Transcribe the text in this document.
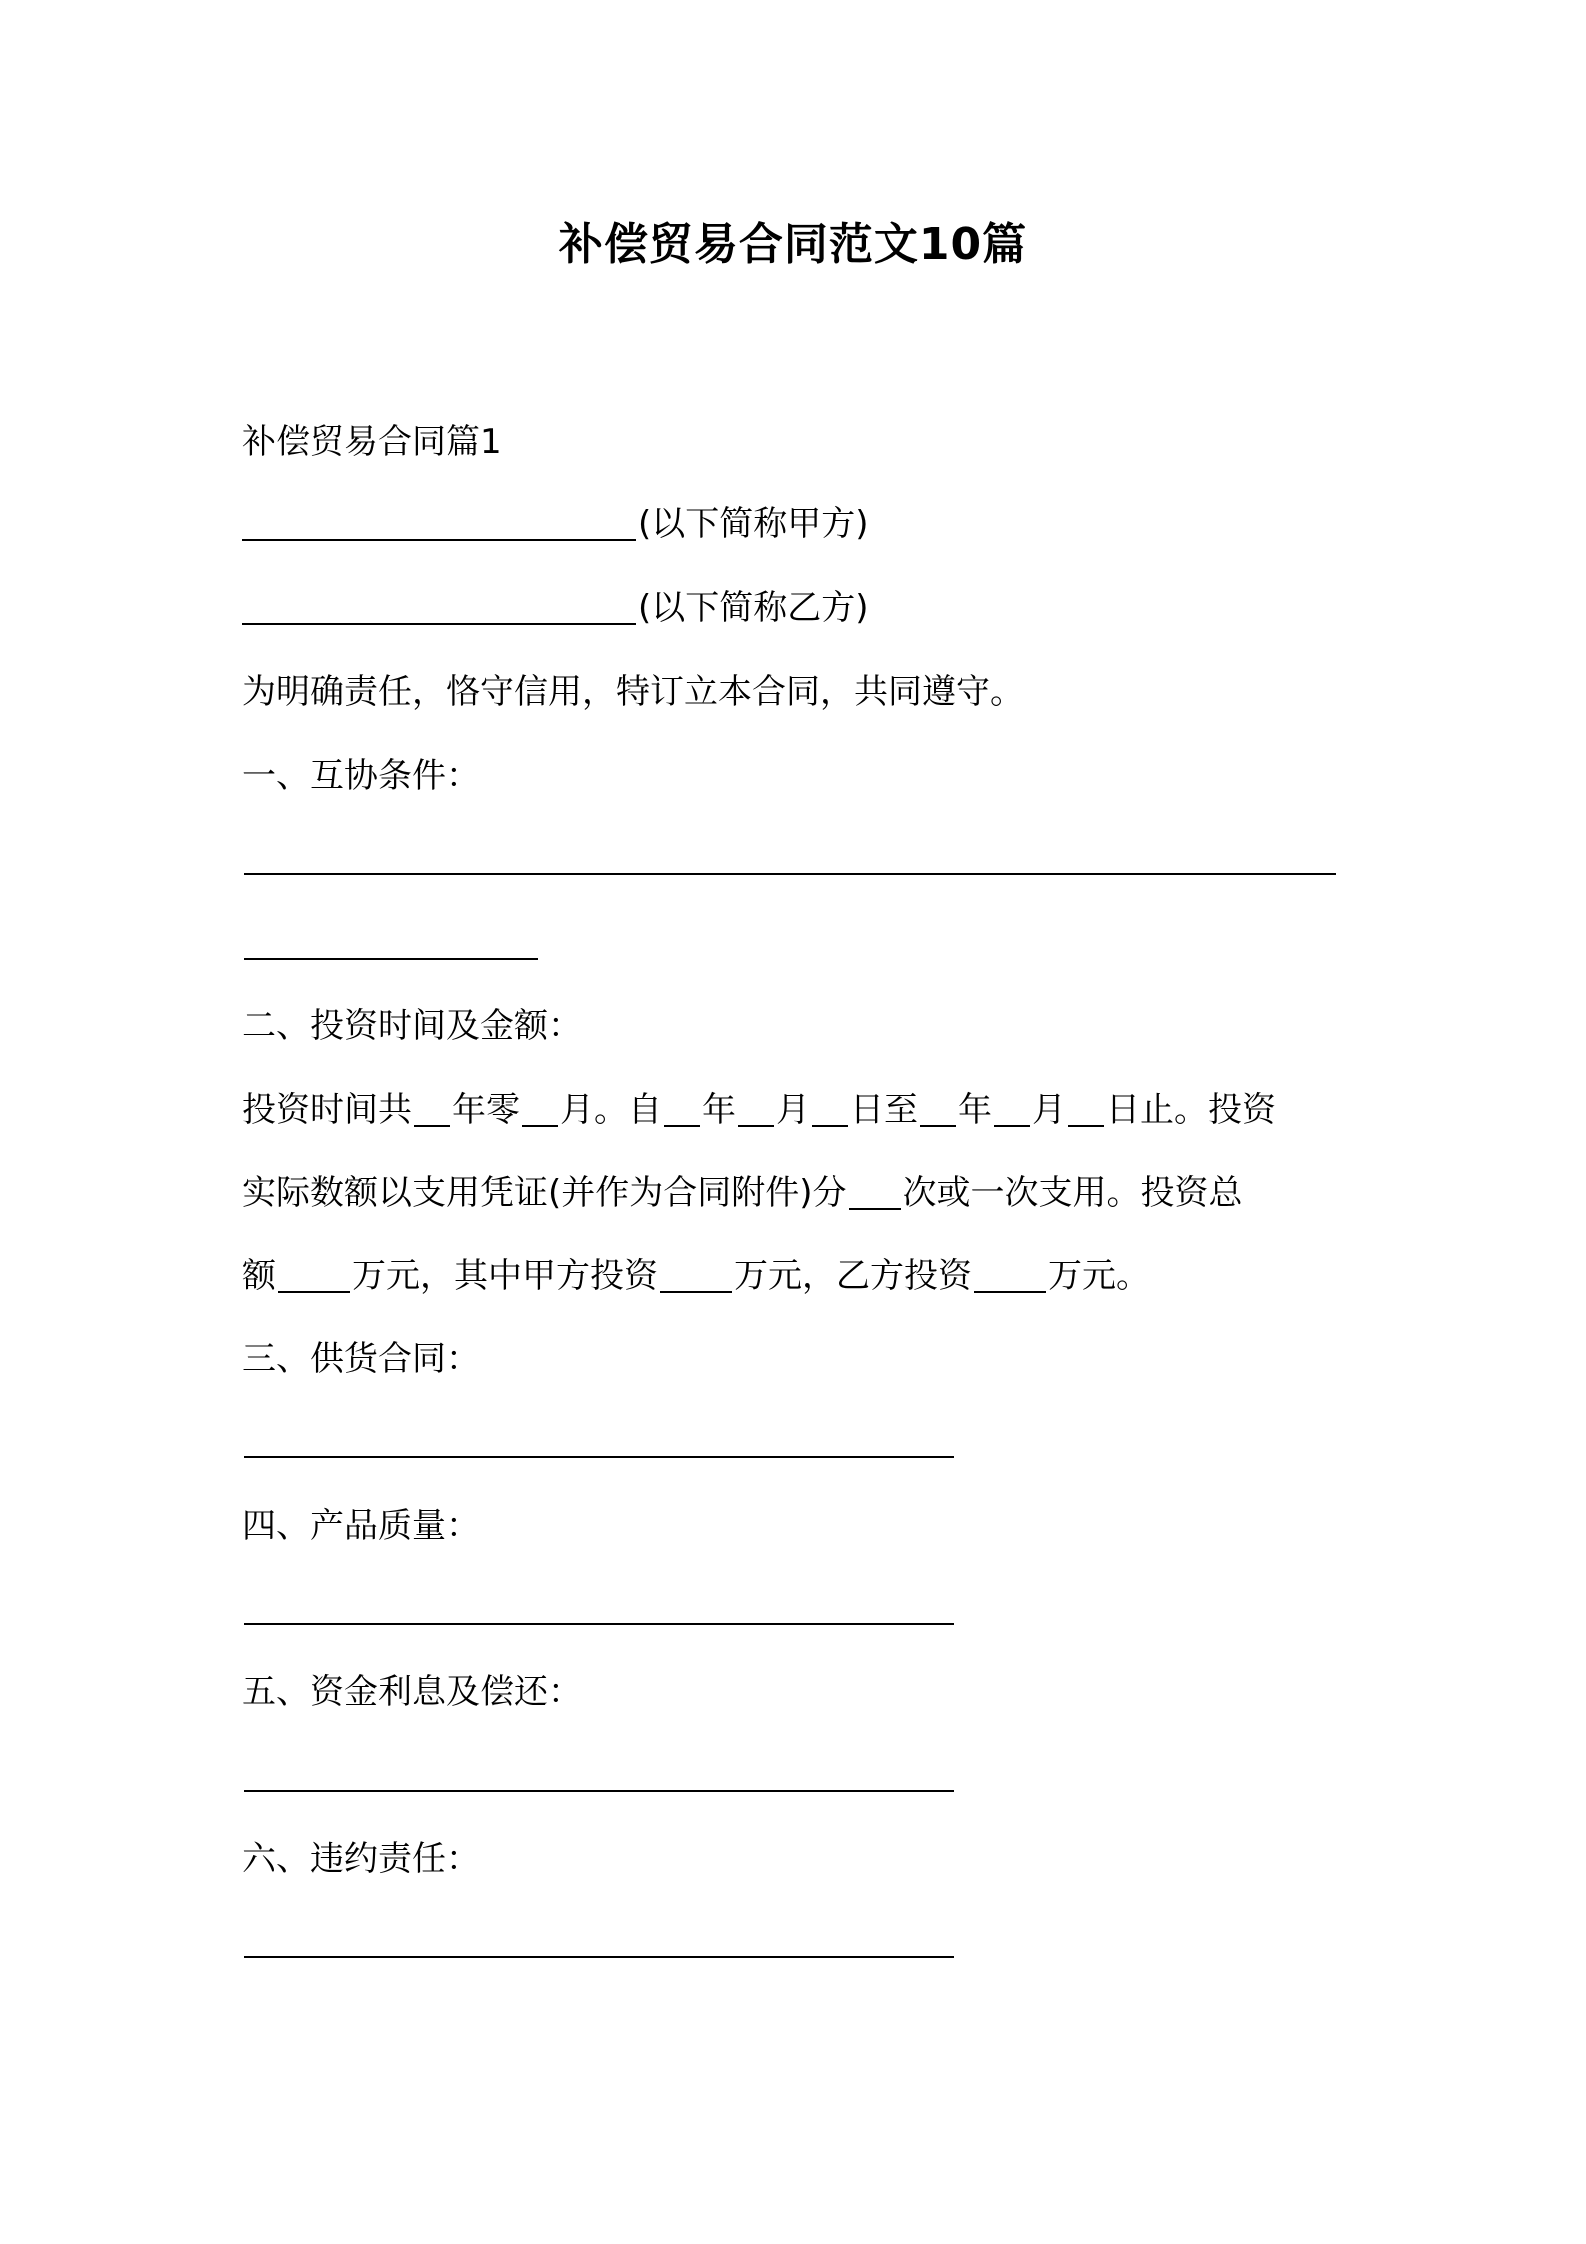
补偿贸易合同范文10篇
补偿贸易合同篇1
(以下简称甲方)
(以下简称乙方)
为明确责任，恪守信用，特订立本合同，共同遵守。
一、互协条件：
二、投资时间及金额：
投资时间共 年零 月。自 年 月 日至 年 月 日止。投资
实际数额以支用凭证(并作为合同附件)分 次或一次支用。投资总
额 万元，其中甲方投资 万元，乙方投资 万元。
三、供货合同：
四、产品质量：
五、资金利息及偿还：
六、违约责任：
